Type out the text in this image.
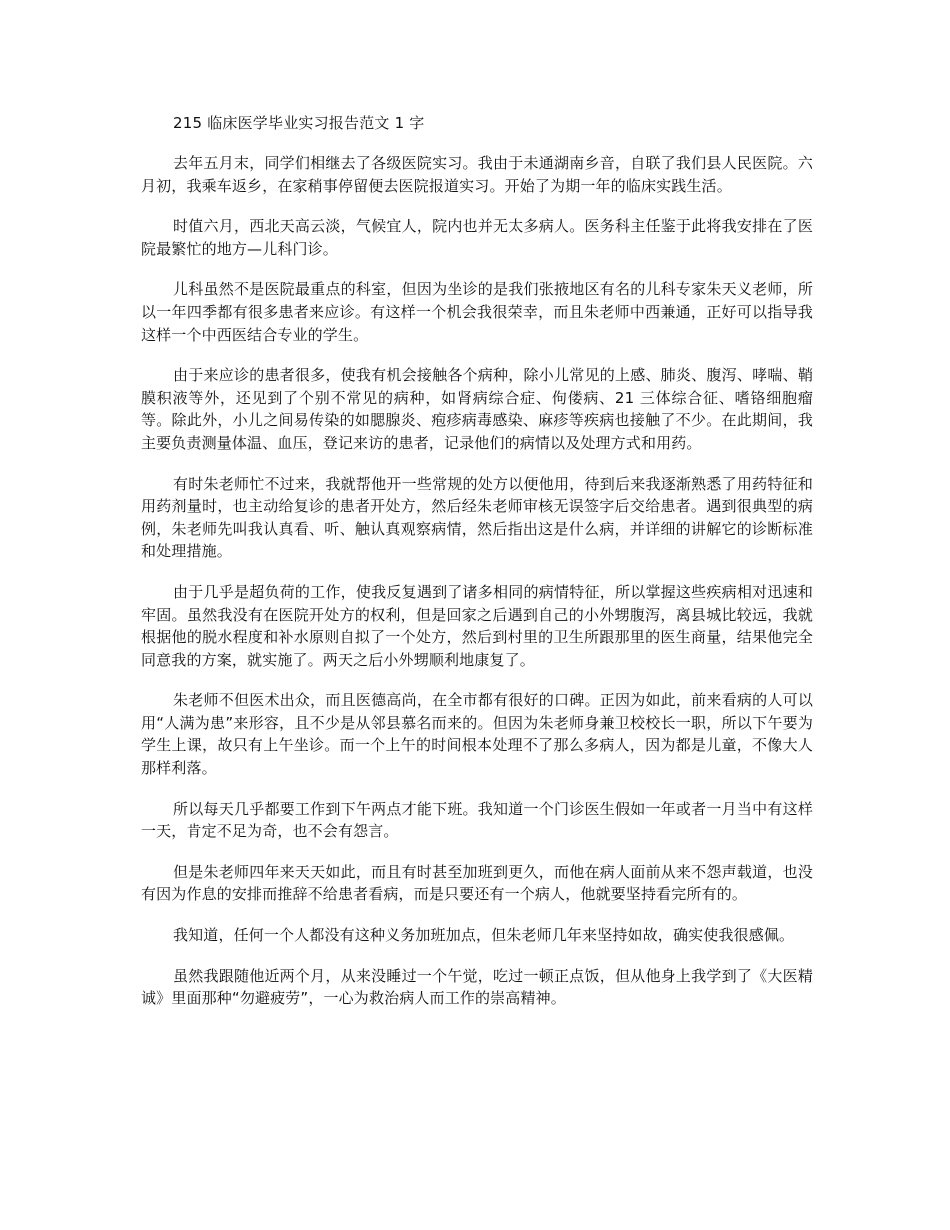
215 临床医学毕业实习报告范文 1 字

去年五月末，同学们相继去了各级医院实习。我由于未通湖南乡音，自联了我们县人民医院。六月初，我乘车返乡，在家稍事停留便去医院报道实习。开始了为期一年的临床实践生活。

时值六月，西北天高云淡，气候宜人，院内也并无太多病人。医务科主任鉴于此将我安排在了医院最繁忙的地方—儿科门诊。

儿科虽然不是医院最重点的科室，但因为坐诊的是我们张掖地区有名的儿科专家朱天义老师，所以一年四季都有很多患者来应诊。有这样一个机会我很荣幸，而且朱老师中西兼通，正好可以指导我这样一个中西医结合专业的学生。

由于来应诊的患者很多，使我有机会接触各个病种，除小儿常见的上感、肺炎、腹泻、哮喘、鞘膜积液等外，还见到了个别不常见的病种，如肾病综合症、佝偻病、21 三体综合征、嗜铬细胞瘤等。除此外，小儿之间易传染的如腮腺炎、疱疹病毒感染、麻疹等疾病也接触了不少。在此期间，我主要负责测量体温、血压，登记来访的患者，记录他们的病情以及处理方式和用药。

有时朱老师忙不过来，我就帮他开一些常规的处方以便他用，待到后来我逐渐熟悉了用药特征和用药剂量时，也主动给复诊的患者开处方，然后经朱老师审核无误签字后交给患者。遇到很典型的病例，朱老师先叫我认真看、听、触认真观察病情，然后指出这是什么病，并详细的讲解它的诊断标准和处理措施。

由于几乎是超负荷的工作，使我反复遇到了诸多相同的病情特征，所以掌握这些疾病相对迅速和牢固。虽然我没有在医院开处方的权利，但是回家之后遇到自己的小外甥腹泻，离县城比较远，我就根据他的脱水程度和补水原则自拟了一个处方，然后到村里的卫生所跟那里的医生商量，结果他完全同意我的方案，就实施了。两天之后小外甥顺利地康复了。

朱老师不但医术出众，而且医德高尚，在全市都有很好的口碑。正因为如此，前来看病的人可以用“人满为患”来形容，且不少是从邻县慕名而来的。但因为朱老师身兼卫校校长一职，所以下午要为学生上课，故只有上午坐诊。而一个上午的时间根本处理不了那么多病人，因为都是儿童，不像大人那样利落。

所以每天几乎都要工作到下午两点才能下班。我知道一个门诊医生假如一年或者一月当中有这样一天，肯定不足为奇，也不会有怨言。

但是朱老师四年来天天如此，而且有时甚至加班到更久，而他在病人面前从来不怨声载道，也没有因为作息的安排而推辞不给患者看病，而是只要还有一个病人，他就要坚持看完所有的。

我知道，任何一个人都没有这种义务加班加点，但朱老师几年来坚持如故，确实使我很感佩。

虽然我跟随他近两个月，从来没睡过一个午觉，吃过一顿正点饭，但从他身上我学到了《大医精诚》里面那种“勿避疲劳”，一心为救治病人而工作的崇高精神。
